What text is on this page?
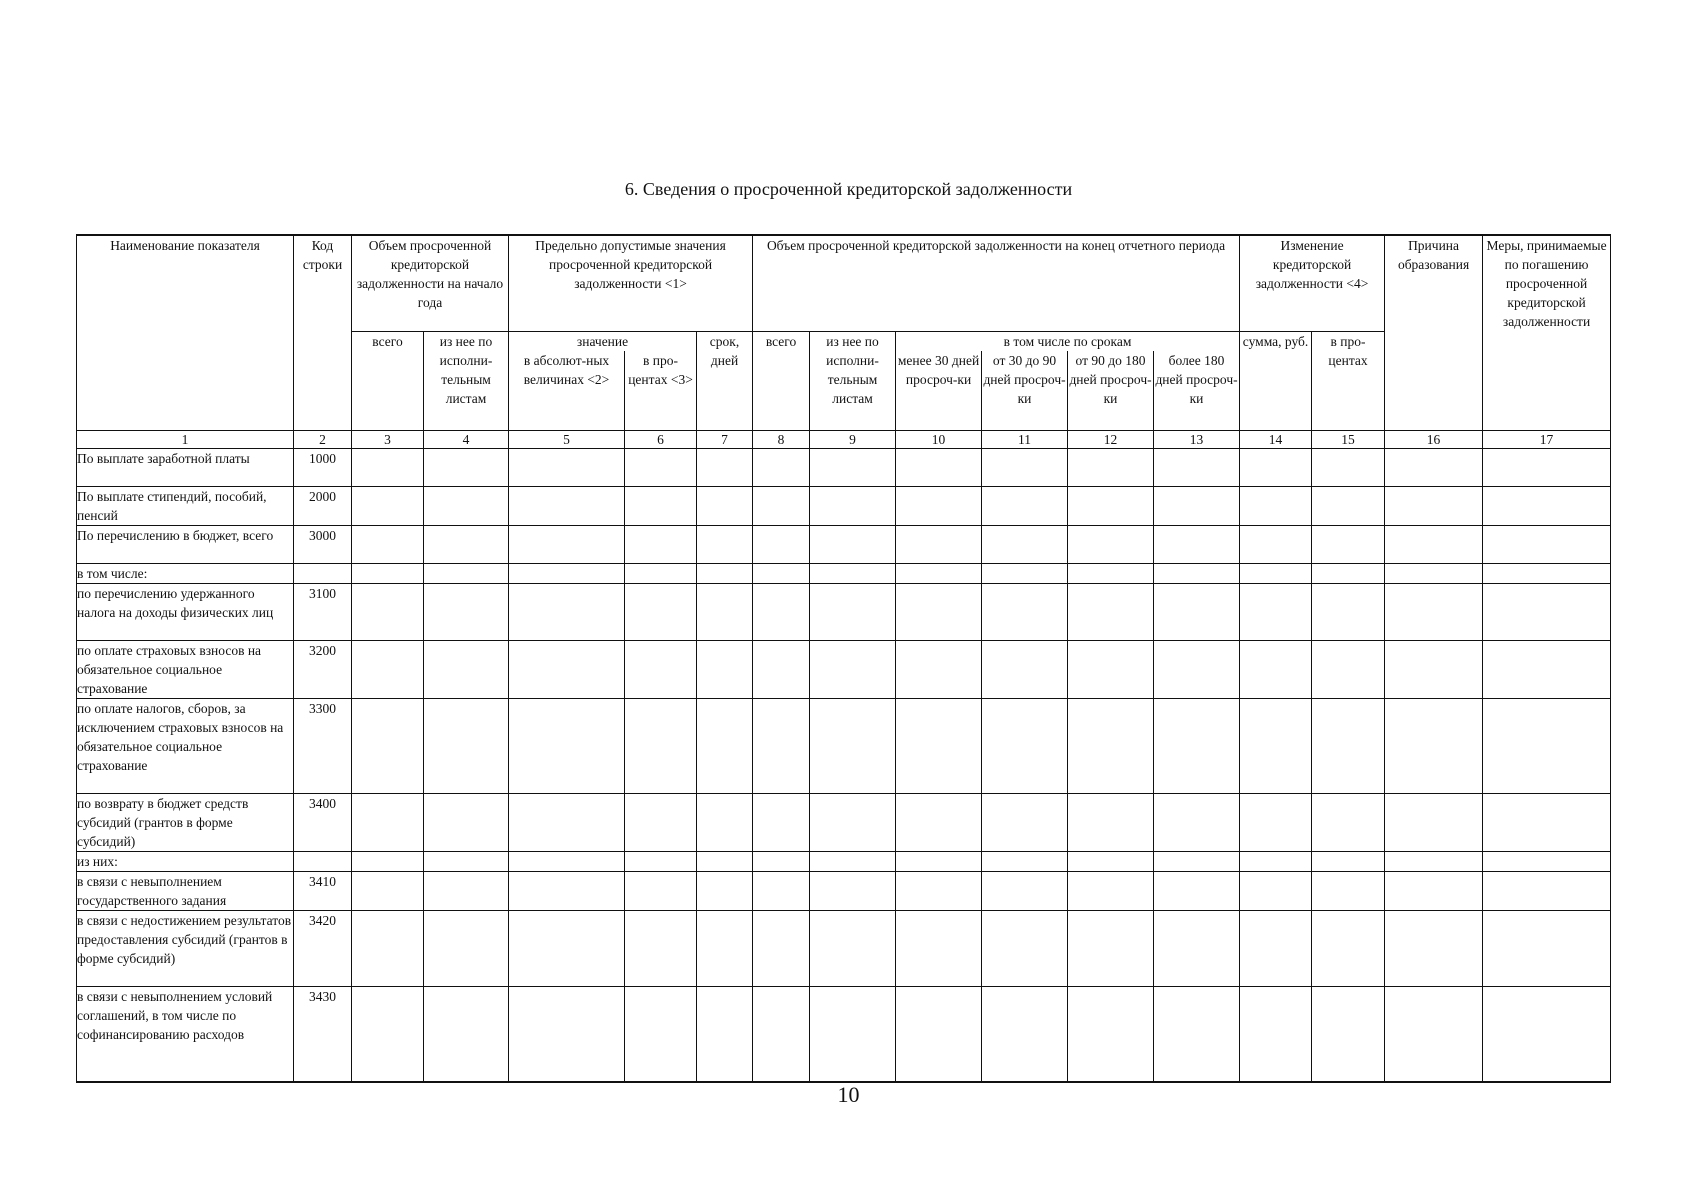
6. Сведения о просроченной кредиторской задолженности
Наименование показателя	Код строки	Объем просроченной кредиторской задолженности на начало года		Предельно допустимые значения просроченной кредиторской задолженности <1>			Объем просроченной кредиторской задолженности на конец отчетного периода						Изменение кредиторской задолженности <4>		Причина образования	Меры, принимаемые по погашению просроченной кредиторской задолженности
		всего	из нее по исполни-тельным листам	значение		срок, дней	всего	из нее по исполни-тельным листам	в том числе по срокам				сумма, руб.	в про-центах		
				в абсолют-ных величинах <2>	в про-центах <3>				менее 30 дней просроч-ки	от 30 до 90 дней просроч-ки	от 90 до 180 дней просроч-ки	более 180 дней просроч-ки				
1	2	3	4	5	6	7	8	9	10	11	12	13	14	15	16	17
По выплате заработной платы	1000															
По выплате стипендий, пособий, пенсий	2000															
По перечислению в бюджет, всего	3000															
в том числе:																
по перечислению удержанного налога на доходы физических лиц	3100															
по оплате страховых взносов на обязательное социальное страхование	3200															
по оплате налогов, сборов, за исключением страховых взносов на обязательное социальное страхование	3300															
по возврату в бюджет средств субсидий (грантов в форме субсидий)	3400															
из них:																
в связи с невыполнением государственного задания	3410															
в связи с недостижением результатов предоставления субсидий (грантов в форме субсидий)	3420															
в связи с невыполнением условий соглашений, в том числе по софинансированию расходов	3430															
10
